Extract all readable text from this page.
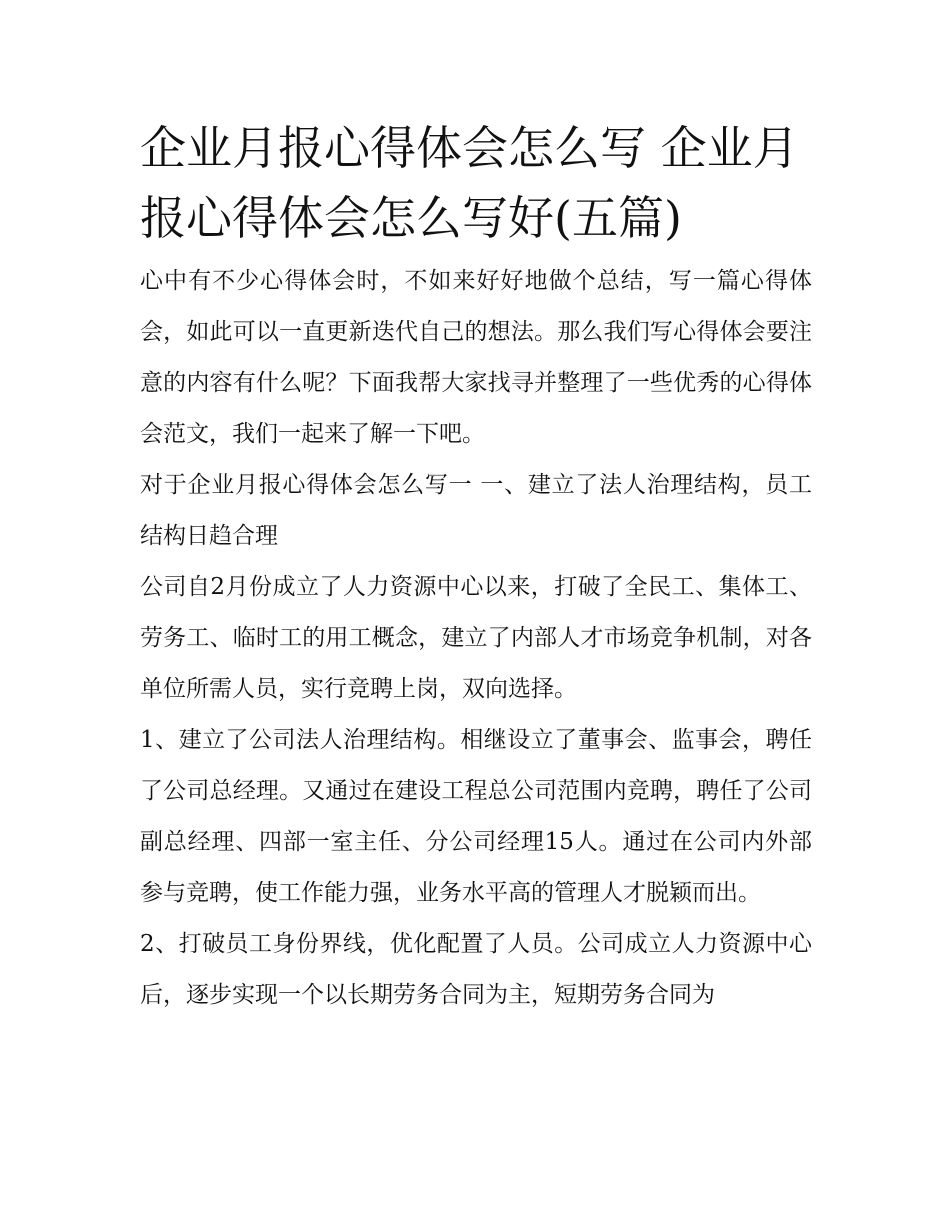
企业月报心得体会怎么写 企业月报心得体会怎么写好(五篇)

心中有不少心得体会时，不如来好好地做个总结，写一篇心得体会，如此可以一直更新迭代自己的想法。那么我们写心得体会要注意的内容有什么呢？下面我帮大家找寻并整理了一些优秀的心得体会范文，我们一起来了解一下吧。

对于企业月报心得体会怎么写一 一、建立了法人治理结构，员工结构日趋合理

公司自2月份成立了人力资源中心以来，打破了全民工、集体工、劳务工、临时工的用工概念，建立了内部人才市场竞争机制，对各单位所需人员，实行竞聘上岗，双向选择。

1、建立了公司法人治理结构。相继设立了董事会、监事会，聘任了公司总经理。又通过在建设工程总公司范围内竞聘，聘任了公司副总经理、四部一室主任、分公司经理15人。通过在公司内外部参与竞聘，使工作能力强，业务水平高的管理人才脱颖而出。

2、打破员工身份界线，优化配置了人员。公司成立人力资源中心后，逐步实现一个以长期劳务合同为主，短期劳务合同为
